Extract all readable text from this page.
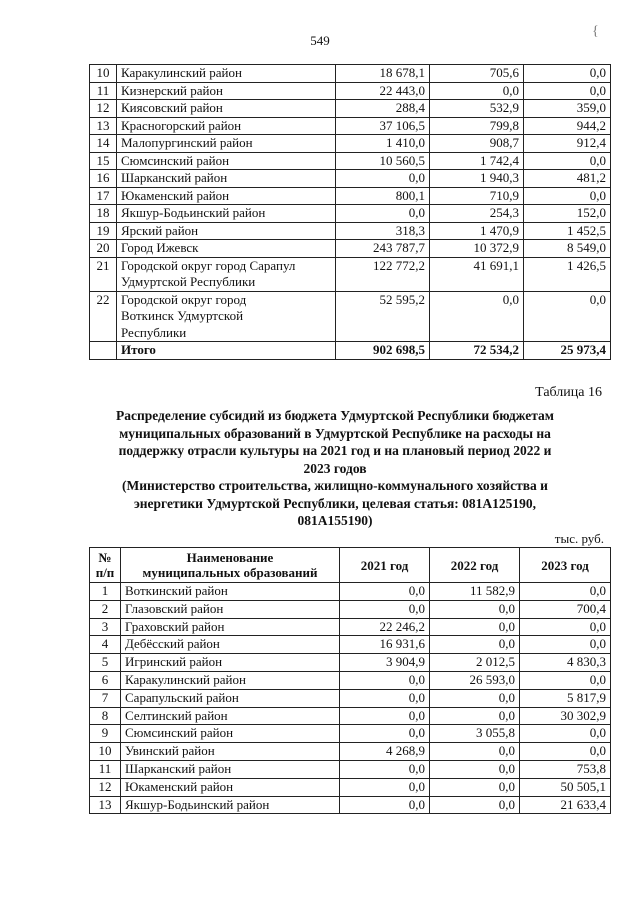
549
{
10	Каракулинский район	18 678,1	705,6	0,0
11	Кизнерский район	22 443,0	0,0	0,0
12	Киясовский район	288,4	532,9	359,0
13	Красногорский район	37 106,5	799,8	944,2
14	Малопургинский район	1 410,0	908,7	912,4
15	Сюмсинский район	10 560,5	1 742,4	0,0
16	Шарканский район	0,0	1 940,3	481,2
17	Юкаменский район	800,1	710,9	0,0
18	Якшур-Бодьинский район	0,0	254,3	152,0
19	Ярский район	318,3	1 470,9	1 452,5
20	Город Ижевск	243 787,7	10 372,9	8 549,0
21	Городской округ город Сарапул
Удмуртской Республики	122 772,2	41 691,1	1 426,5
22	Городской округ город
Воткинск Удмуртской
Республики	52 595,2	0,0	0,0
	Итого	902 698,5	72 534,2	25 973,4
Таблица 16
Распределение субсидий из бюджета Удмуртской Республики бюджетам
муниципальных образований в Удмуртской Республике на расходы на
поддержку отрасли культуры на 2021 год и на плановый период 2022 и
2023 годов
(Министерство строительства, жилищно-коммунального хозяйства и
энергетики Удмуртской Республики, целевая статья: 081А125190,
081А155190)
тыс. руб.
№
п/п	Наименование
муниципальных образований	2021 год	2022 год	2023 год
1	Воткинский район	0,0	11 582,9	0,0
2	Глазовский район	0,0	0,0	700,4
3	Граховский район	22 246,2	0,0	0,0
4	Дебёсский район	16 931,6	0,0	0,0
5	Игринский район	3 904,9	2 012,5	4 830,3
6	Каракулинский район	0,0	26 593,0	0,0
7	Сарапульский район	0,0	0,0	5 817,9
8	Селтинский район	0,0	0,0	30 302,9
9	Сюмсинский район	0,0	3 055,8	0,0
10	Увинский район	4 268,9	0,0	0,0
11	Шарканский район	0,0	0,0	753,8
12	Юкаменский район	0,0	0,0	50 505,1
13	Якшур-Бодьинский район	0,0	0,0	21 633,4
